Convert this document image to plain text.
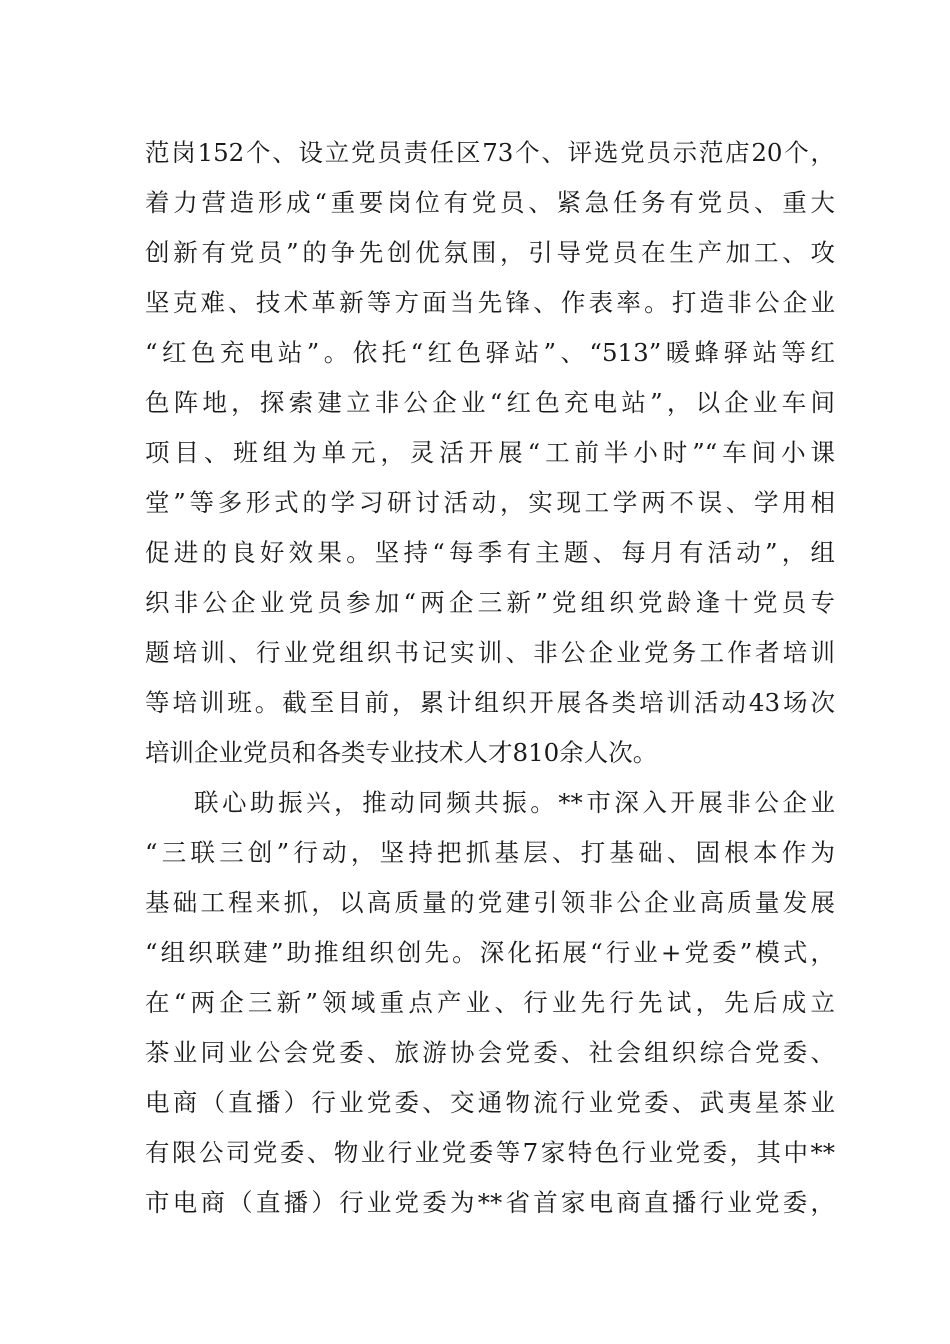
范岗152个、设立党员责任区73个、评选党员示范店20个，
着力营造形成“重要岗位有党员、紧急任务有党员、重大
创新有党员”的争先创优氛围，引导党员在生产加工、攻
坚克难、技术革新等方面当先锋、作表率。打造非公企业
“红色充电站”。依托“红色驿站”、“513”暖蜂驿站等红
色阵地，探索建立非公企业“红色充电站”，以企业车间
项目、班组为单元，灵活开展“工前半小时”“车间小课
堂”等多形式的学习研讨活动，实现工学两不误、学用相
促进的良好效果。坚持“每季有主题、每月有活动”，组
织非公企业党员参加“两企三新”党组织党龄逢十党员专
题培训、行业党组织书记实训、非公企业党务工作者培训
等培训班。截至目前，累计组织开展各类培训活动43场次
培训企业党员和各类专业技术人才810余人次。
联心助振兴，推动同频共振。**市深入开展非公企业
“三联三创”行动，坚持把抓基层、打基础、固根本作为
基础工程来抓，以高质量的党建引领非公企业高质量发展
“组织联建”助推组织创先。深化拓展“行业+党委”模式，
在“两企三新”领域重点产业、行业先行先试，先后成立
茶业同业公会党委、旅游协会党委、社会组织综合党委、
电商（直播）行业党委、交通物流行业党委、武夷星茶业
有限公司党委、物业行业党委等7家特色行业党委，其中**
市电商（直播）行业党委为**省首家电商直播行业党委，
